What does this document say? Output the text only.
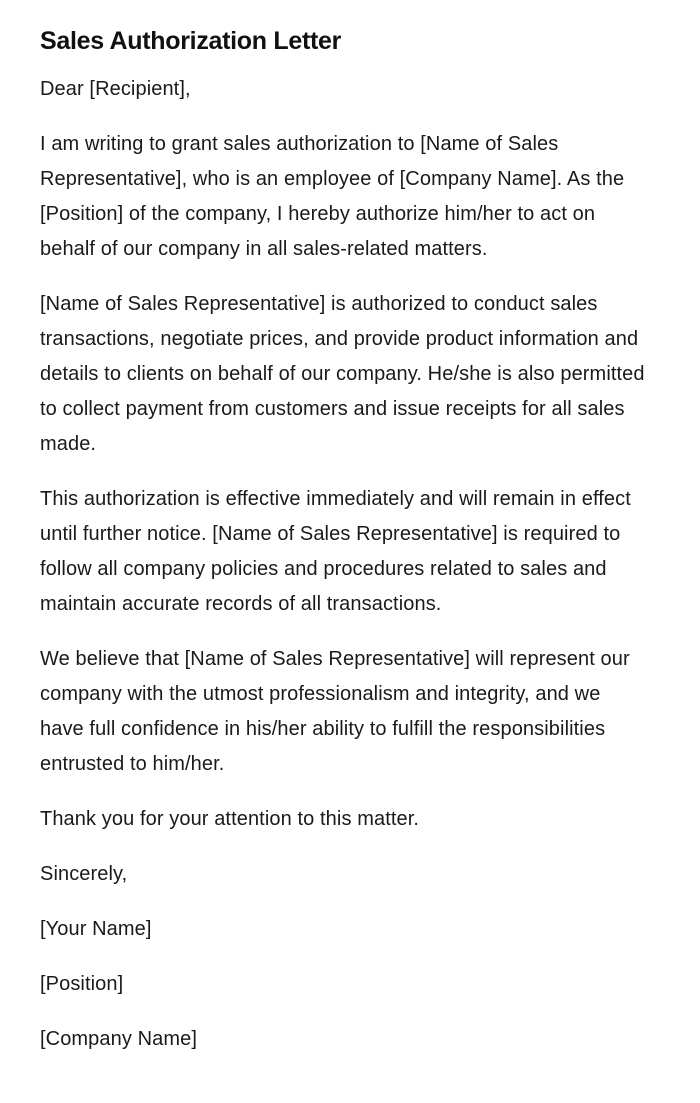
Sales Authorization Letter

Dear [Recipient],

I am writing to grant sales authorization to [Name of Sales Representative], who is an employee of [Company Name]. As the [Position] of the company, I hereby authorize him/her to act on behalf of our company in all sales-related matters.

[Name of Sales Representative] is authorized to conduct sales transactions, negotiate prices, and provide product information and details to clients on behalf of our company. He/she is also permitted to collect payment from customers and issue receipts for all sales made.

This authorization is effective immediately and will remain in effect until further notice. [Name of Sales Representative] is required to follow all company policies and procedures related to sales and maintain accurate records of all transactions.

We believe that [Name of Sales Representative] will represent our company with the utmost professionalism and integrity, and we have full confidence in his/her ability to fulfill the responsibilities entrusted to him/her.

Thank you for your attention to this matter.

Sincerely,

[Your Name]

[Position]

[Company Name]
